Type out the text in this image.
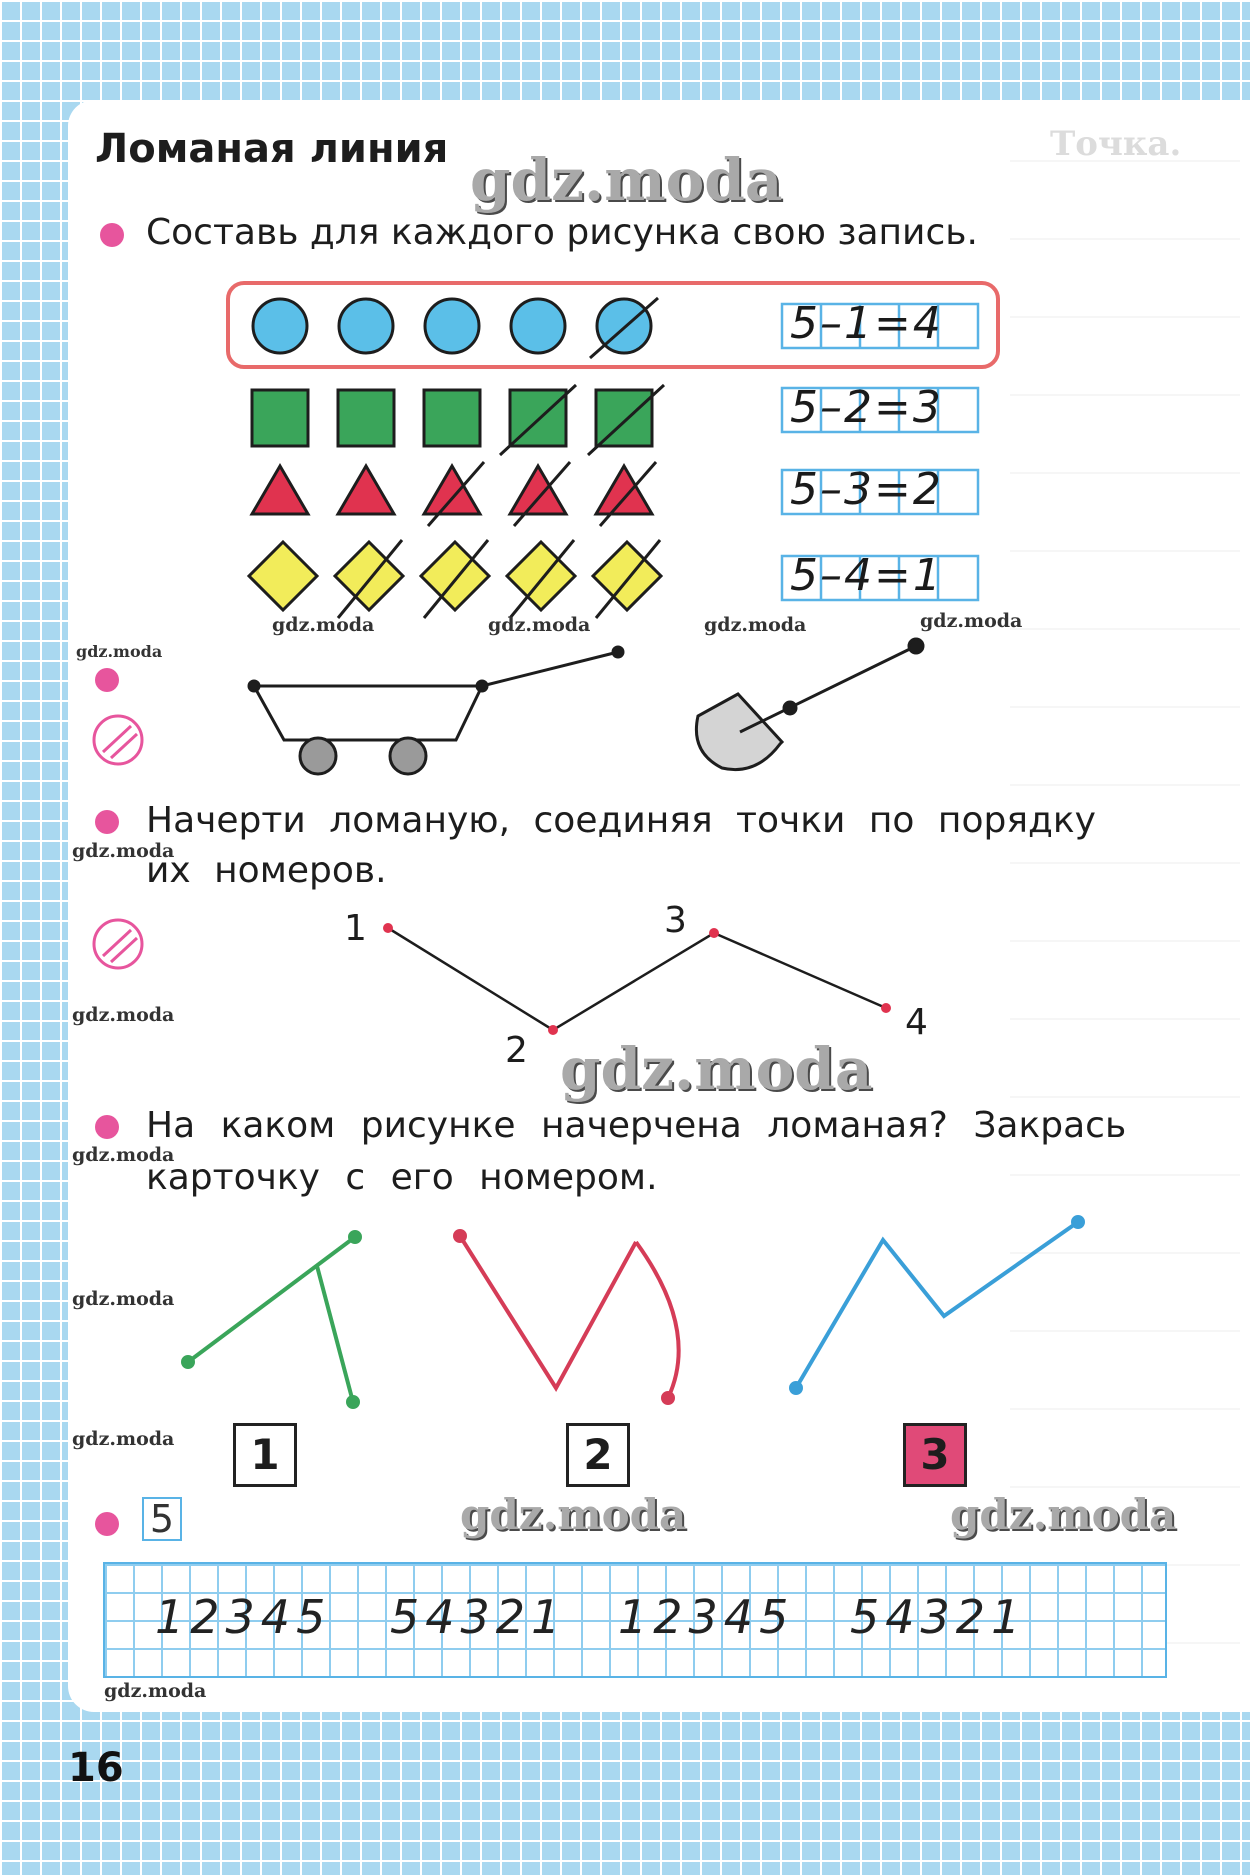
Точка.
Ломаная линия
Составь для каждого рисунка свою запись.
5–1=4
5–2=3
5–3=2
5–4=1
Начерти ломаную, соединяя точки по порядку
их номеров.
1
2
3
4
На каком рисунке начерчена ломаная? Закрась
карточку с его номером.
1	2	3
5
12345 54321 12345 54321
gdz.moda
gdz.moda
gdz.moda	gdz.moda
gdz.moda	gdz.moda	gdz.moda	gdz.moda
gdz.moda
gdz.moda
gdz.moda
gdz.moda
gdz.moda
gdz.moda
gdz.moda
16
